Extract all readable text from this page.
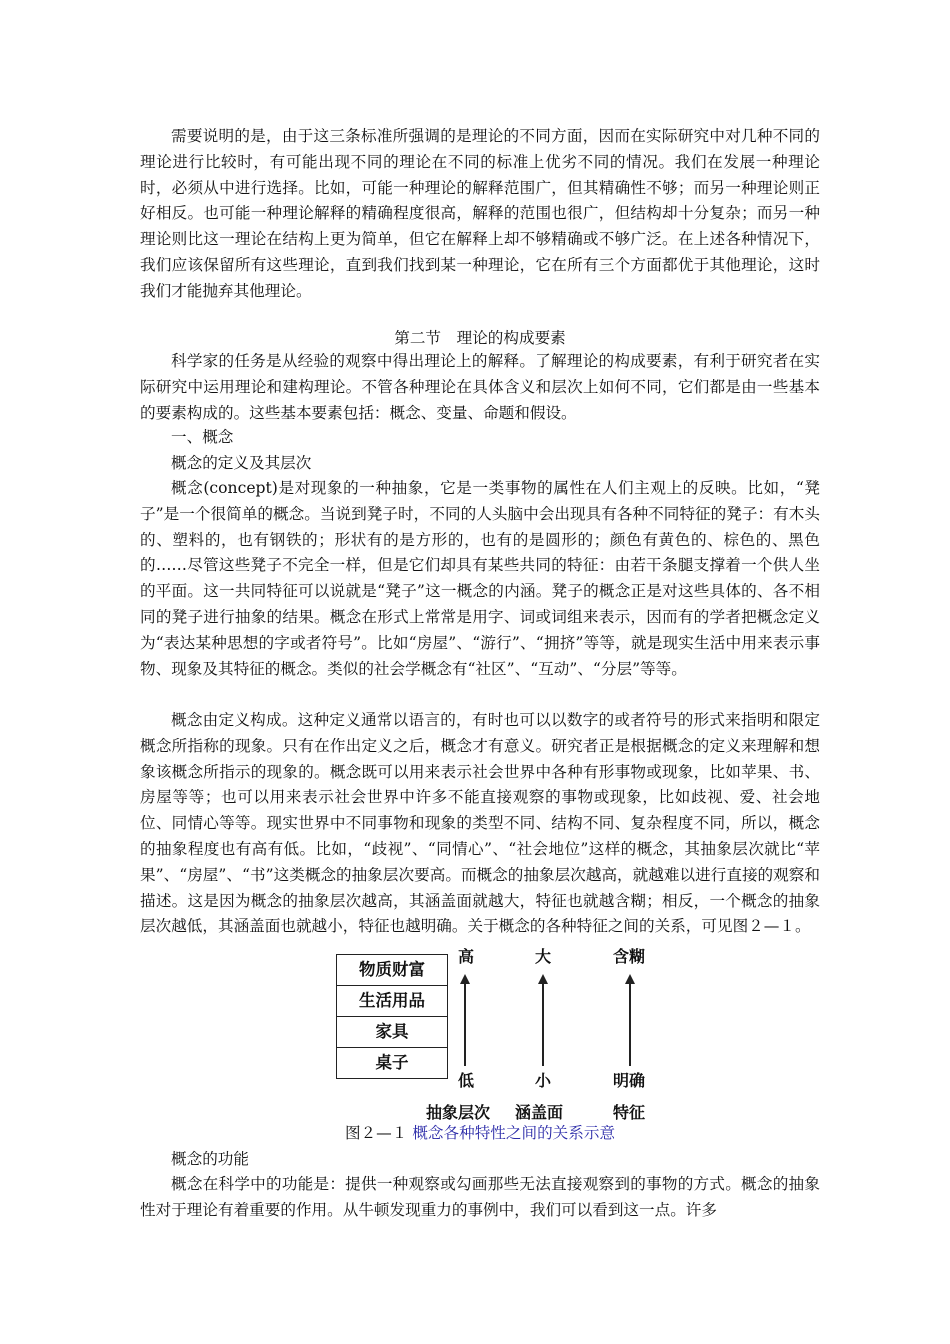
需要说明的是，由于这三条标准所强调的是理论的不同方面，因而在实际研究中对几种不同的理论进行比较时，有可能出现不同的理论在不同的标准上优劣不同的情况。我们在发展一种理论时，必须从中进行选择。比如，可能一种理论的解释范围广，但其精确性不够；而另一种理论则正好相反。也可能一种理论解释的精确程度很高，解释的范围也很广，但结构却十分复杂；而另一种理论则比这一理论在结构上更为简单，但它在解释上却不够精确或不够广泛。在上述各种情况下，我们应该保留所有这些理论，直到我们找到某一种理论，它在所有三个方面都优于其他理论，这时我们才能抛弃其他理论。

第二节　理论的构成要素

科学家的任务是从经验的观察中得出理论上的解释。了解理论的构成要素，有利于研究者在实际研究中运用理论和建构理论。不管各种理论在具体含义和层次上如何不同，它们都是由一些基本的要素构成的。这些基本要素包括：概念、变量、命题和假设。

一、概念

概念的定义及其层次

概念(concept)是对现象的一种抽象，它是一类事物的属性在人们主观上的反映。比如，“凳子”是一个很简单的概念。当说到凳子时，不同的人头脑中会出现具有各种不同特征的凳子：有木头的、塑料的，也有钢铁的；形状有的是方形的，也有的是圆形的；颜色有黄色的、棕色的、黑色的……尽管这些凳子不完全一样，但是它们却具有某些共同的特征：由若干条腿支撑着一个供人坐的平面。这一共同特征可以说就是“凳子”这一概念的内涵。凳子的概念正是对这些具体的、各不相同的凳子进行抽象的结果。概念在形式上常常是用字、词或词组来表示，因而有的学者把概念定义为“表达某种思想的字或者符号”。比如“房屋”、“游行”、“拥挤”等等，就是现实生活中用来表示事物、现象及其特征的概念。类似的社会学概念有“社区”、“互动”、“分层”等等。

概念由定义构成。这种定义通常以语言的，有时也可以以数字的或者符号的形式来指明和限定概念所指称的现象。只有在作出定义之后，概念才有意义。研究者正是根据概念的定义来理解和想象该概念所指示的现象的。概念既可以用来表示社会世界中各种有形事物或现象，比如苹果、书、房屋等等；也可以用来表示社会世界中许多不能直接观察的事物或现象，比如歧视、爱、社会地位、同情心等等。现实世界中不同事物和现象的类型不同、结构不同、复杂程度不同，所以，概念的抽象程度也有高有低。比如，“歧视”、“同情心”、“社会地位”这样的概念，其抽象层次就比“苹果”、“房屋”、“书”这类概念的抽象层次要高。而概念的抽象层次越高，就越难以进行直接的观察和描述。这是因为概念的抽象层次越高，其涵盖面就越大，特征也就越含糊；相反，一个概念的抽象层次越低，其涵盖面也就越小，特征也越明确。关于概念的各种特征之间的关系，可见图２—１。

物质财富
生活用品
家具
桌子
高
低
抽象层次
大
小
涵盖面
含糊
明确
特征
图２—１ 概念各种特性之间的关系示意

概念的功能

概念在科学中的功能是：提供一种观察或勾画那些无法直接观察到的事物的方式。概念的抽象性对于理论有着重要的作用。从牛顿发现重力的事例中，我们可以看到这一点。许多
